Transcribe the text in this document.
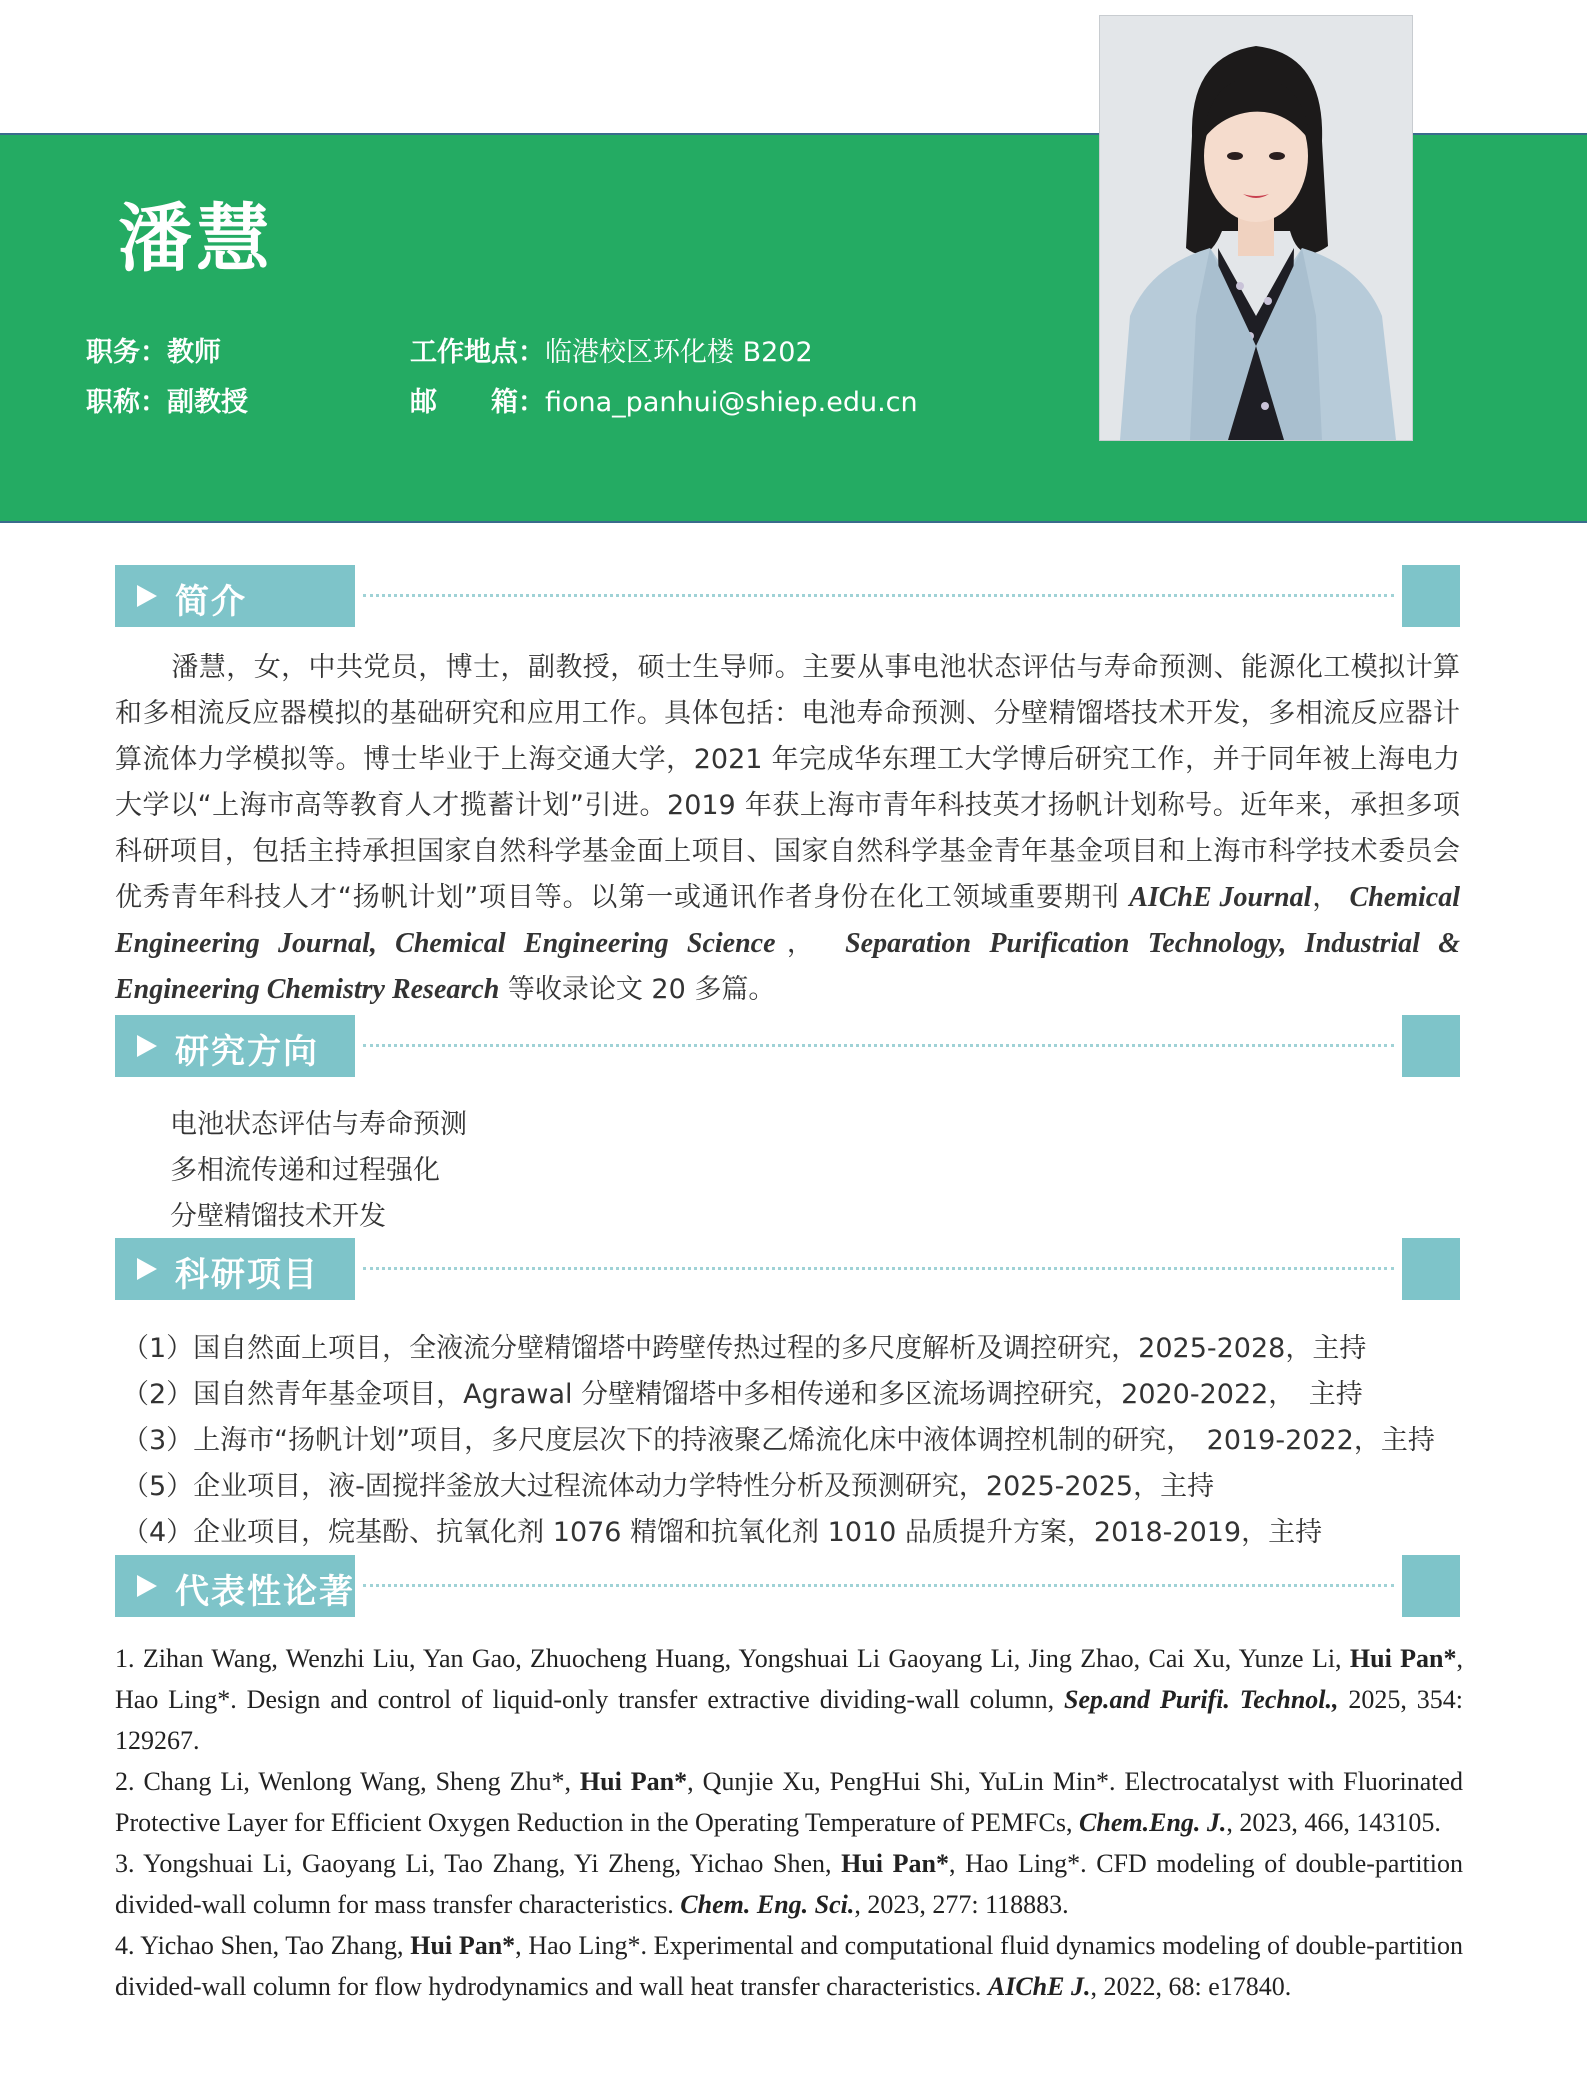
潘慧
职务：教师
职称：副教授
工作地点：临港校区环化楼 B202
邮　　箱：fiona_panhui@shiep.edu.cn
简介
潘慧，女，中共党员，博士，副教授，硕士生导师。主要从事电池状态评估与寿命预测、能源化工模拟计算和多相流反应器模拟的基础研究和应用工作。具体包括：电池寿命预测、分壁精馏塔技术开发，多相流反应器计算流体力学模拟等。博士毕业于上海交通大学，2021 年完成华东理工大学博后研究工作，并于同年被上海电力大学以“上海市高等教育人才揽蓄计划”引进。2019 年获上海市青年科技英才扬帆计划称号。近年来，承担多项科研项目，包括主持承担国家自然科学基金面上项目、国家自然科学基金青年基金项目和上海市科学技术委员会优秀青年科技人才“扬帆计划”项目等。以第一或通讯作者身份在化工领域重要期刊 AIChE Journal， Chemical Engineering Journal, Chemical Engineering Science， Separation Purification Technology, Industrial & Engineering Chemistry Research 等收录论文 20 多篇。
研究方向
电池状态评估与寿命预测
多相流传递和过程强化
分壁精馏技术开发
科研项目
（1）国自然面上项目，全液流分壁精馏塔中跨壁传热过程的多尺度解析及调控研究，2025-2028，主持
（2）国自然青年基金项目，Agrawal 分壁精馏塔中多相传递和多区流场调控研究，2020-2022，　主持
（3）上海市“扬帆计划”项目，多尺度层次下的持液聚乙烯流化床中液体调控机制的研究，　2019-2022，主持
（5）企业项目，液-固搅拌釜放大过程流体动力学特性分析及预测研究，2025-2025，主持
（4）企业项目，烷基酚、抗氧化剂 1076 精馏和抗氧化剂 1010 品质提升方案，2018-2019，主持
代表性论著

1. Zihan Wang, Wenzhi Liu, Yan Gao, Zhuocheng Huang, Yongshuai Li Gaoyang Li, Jing Zhao, Cai Xu, Yunze Li, Hui Pan*, Hao Ling*. Design and control of liquid-only transfer extractive dividing-wall column, Sep.and Purifi. Technol., 2025, 354: 129267.

2. Chang Li, Wenlong Wang, Sheng Zhu*, Hui Pan*, Qunjie Xu, PengHui Shi, YuLin Min*. Electrocatalyst with Fluorinated Protective Layer for Efficient Oxygen Reduction in the Operating Temperature of PEMFCs, Chem.Eng. J., 2023, 466, 143105.

3. Yongshuai Li, Gaoyang Li, Tao Zhang, Yi Zheng, Yichao Shen, Hui Pan*, Hao Ling*. CFD modeling of double-partition divided-wall column for mass transfer characteristics. Chem. Eng. Sci., 2023, 277: 118883.

4. Yichao Shen, Tao Zhang, Hui Pan*, Hao Ling*. Experimental and computational fluid dynamics modeling of double-partition divided-wall column for flow hydrodynamics and wall heat transfer characteristics. AIChE J., 2022, 68: e17840.
